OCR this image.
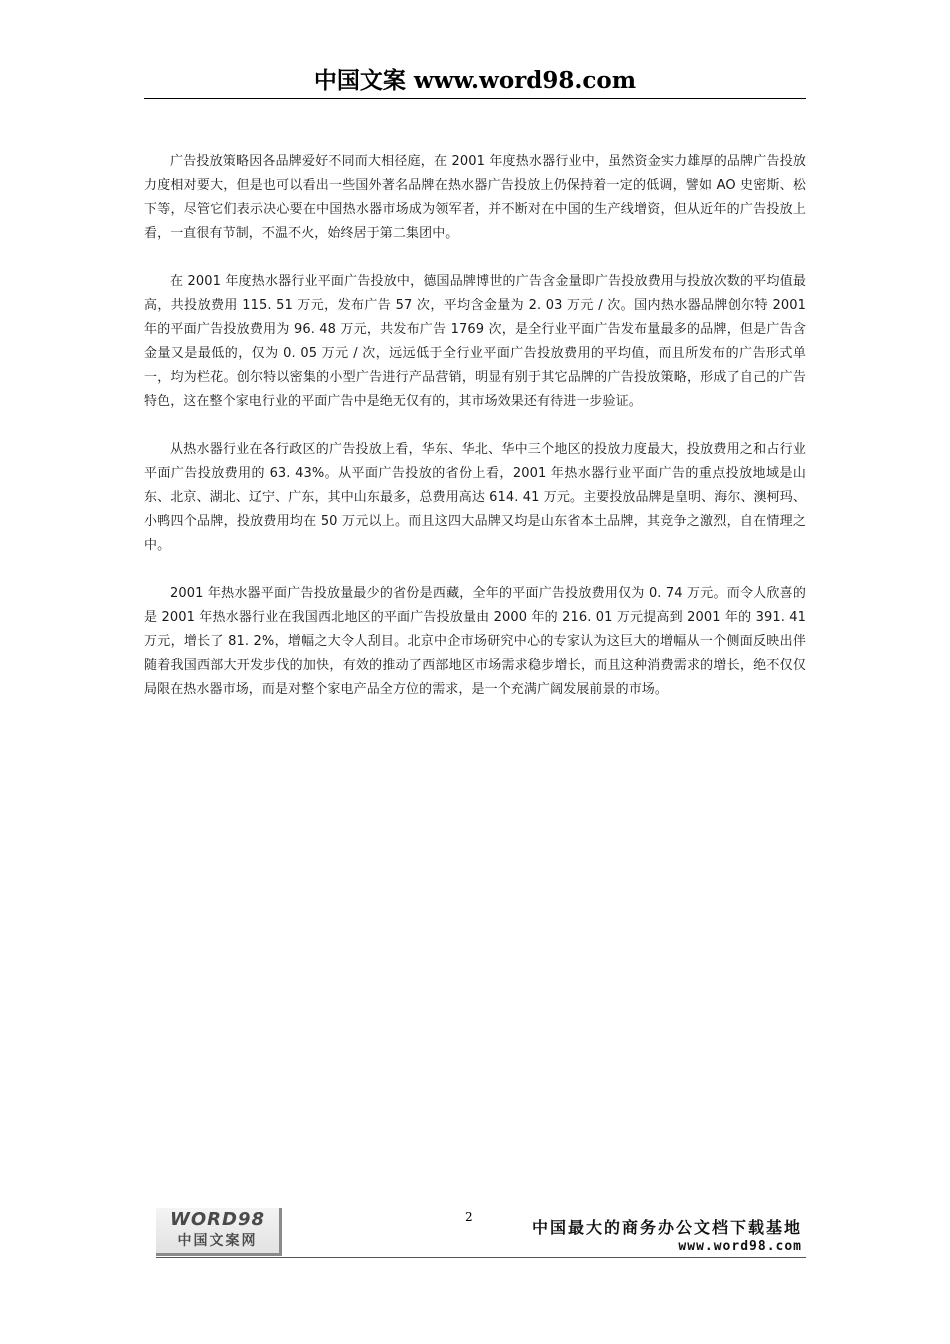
中国文案 www.word98.com

广告投放策略因各品牌爱好不同而大相径庭，在 2001 年度热水器行业中，虽然资金实力雄厚的品牌广告投放力度相对要大，但是也可以看出一些国外著名品牌在热水器广告投放上仍保持着一定的低调，譬如 AO 史密斯、松下等，尽管它们表示决心要在中国热水器市场成为领军者，并不断对在中国的生产线增资，但从近年的广告投放上看，一直很有节制，不温不火，始终居于第二集团中。

在 2001 年度热水器行业平面广告投放中，德国品牌博世的广告含金量即广告投放费用与投放次数的平均值最高，共投放费用 115. 51 万元，发布广告 57 次，平均含金量为 2. 03 万元 / 次。国内热水器品牌创尔特 2001 年的平面广告投放费用为 96. 48 万元，共发布广告 1769 次，是全行业平面广告发布量最多的品牌，但是广告含金量又是最低的，仅为 0. 05 万元 / 次，远远低于全行业平面广告投放费用的平均值，而且所发布的广告形式单一，均为栏花。创尔特以密集的小型广告进行产品营销，明显有别于其它品牌的广告投放策略，形成了自己的广告特色，这在整个家电行业的平面广告中是绝无仅有的，其市场效果还有待进一步验证。

从热水器行业在各行政区的广告投放上看，华东、华北、华中三个地区的投放力度最大，投放费用之和占行业平面广告投放费用的 63. 43%。从平面广告投放的省份上看，2001 年热水器行业平面广告的重点投放地域是山东、北京、湖北、辽宁、广东，其中山东最多，总费用高达 614. 41 万元。主要投放品牌是皇明、海尔、澳柯玛、小鸭四个品牌，投放费用均在 50 万元以上。而且这四大品牌又均是山东省本土品牌，其竞争之激烈，自在情理之中。

2001 年热水器平面广告投放量最少的省份是西藏，全年的平面广告投放费用仅为 0. 74 万元。而令人欣喜的是 2001 年热水器行业在我国西北地区的平面广告投放量由 2000 年的 216. 01 万元提高到 2001 年的 391. 41 万元，增长了 81. 2%，增幅之大令人刮目。北京中企市场研究中心的专家认为这巨大的增幅从一个侧面反映出伴随着我国西部大开发步伐的加快，有效的推动了西部地区市场需求稳步增长，而且这种消费需求的增长，绝不仅仅局限在热水器市场，而是对整个家电产品全方位的需求，是一个充满广阔发展前景的市场。

WORD98
中国文案网
2
中国最大的商务办公文档下载基地
www.word98.com
